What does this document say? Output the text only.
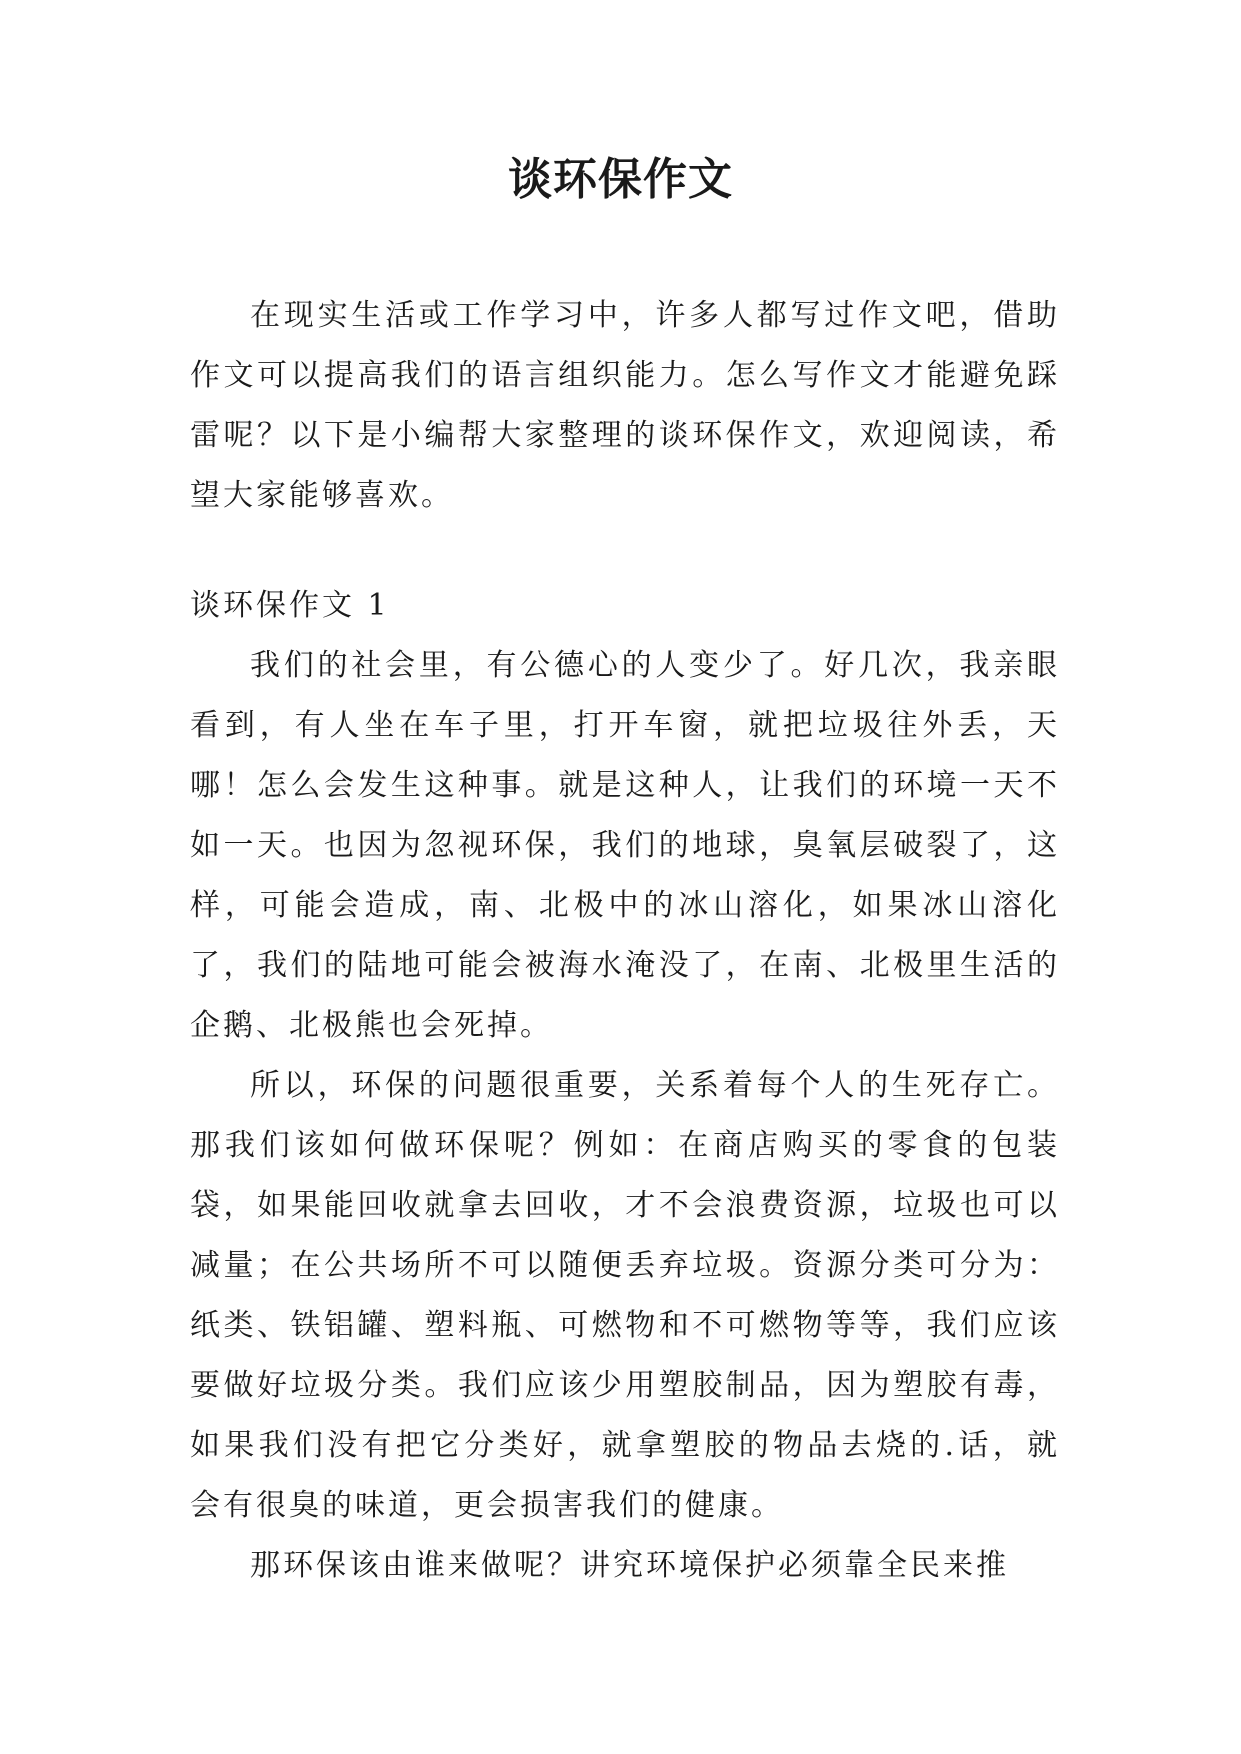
谈环保作文

在现实生活或工作学习中，许多人都写过作文吧，借助作文可以提高我们的语言组织能力。怎么写作文才能避免踩雷呢？以下是小编帮大家整理的谈环保作文，欢迎阅读，希望大家能够喜欢。

谈环保作文 1

我们的社会里，有公德心的人变少了。好几次，我亲眼看到，有人坐在车子里，打开车窗，就把垃圾往外丢，天哪！怎么会发生这种事。就是这种人，让我们的环境一天不如一天。也因为忽视环保，我们的地球，臭氧层破裂了，这样，可能会造成，南、北极中的冰山溶化，如果冰山溶化了，我们的陆地可能会被海水淹没了，在南、北极里生活的企鹅、北极熊也会死掉。

所以，环保的问题很重要，关系着每个人的生死存亡。那我们该如何做环保呢？例如：在商店购买的零食的包装袋，如果能回收就拿去回收，才不会浪费资源，垃圾也可以减量；在公共场所不可以随便丢弃垃圾。资源分类可分为：纸类、铁铝罐、塑料瓶、可燃物和不可燃物等等，我们应该要做好垃圾分类。我们应该少用塑胶制品，因为塑胶有毒，如果我们没有把它分类好，就拿塑胶的物品去烧的.话，就会有很臭的味道，更会损害我们的健康。

那环保该由谁来做呢？讲究环境保护必须靠全民来推
